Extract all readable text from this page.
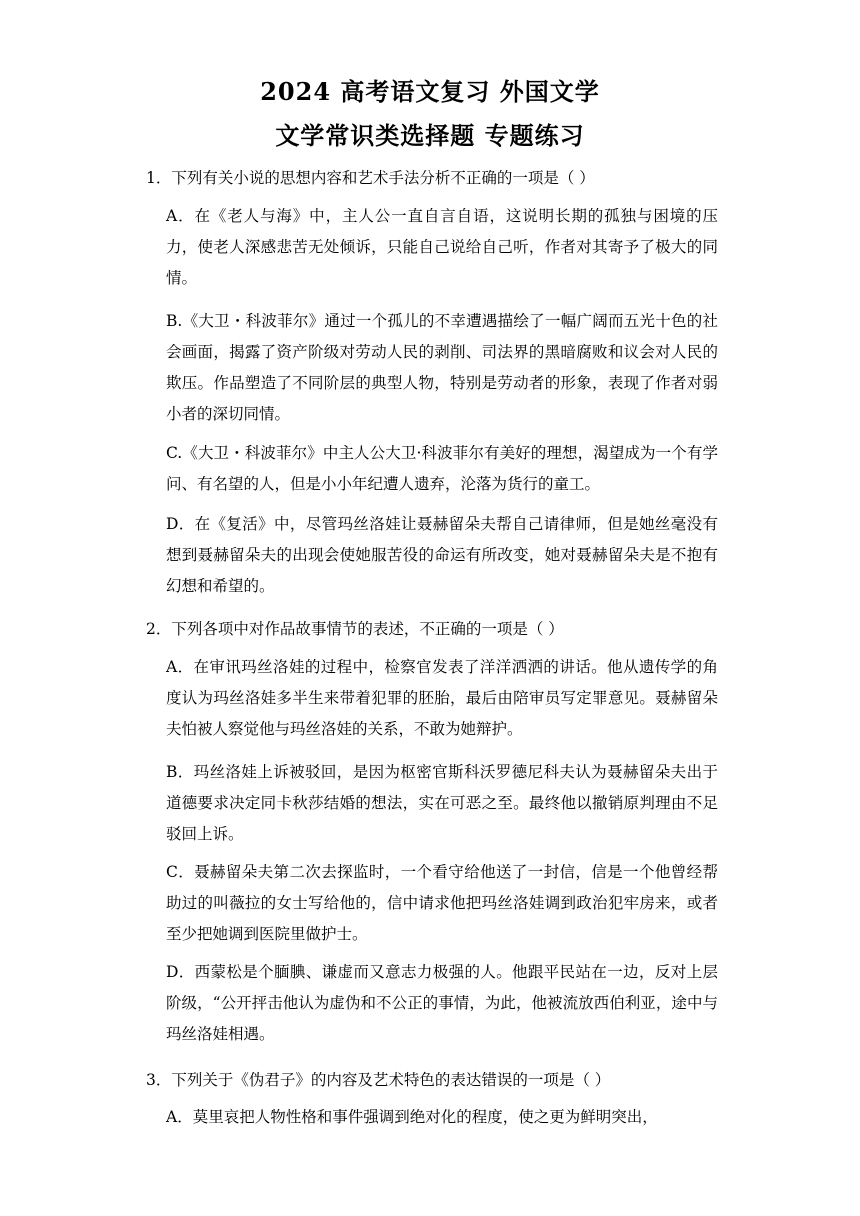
2024 高考语文复习 外国文学
文学常识类选择题 专题练习
1．下列有关小说的思想内容和艺术手法分析不正确的一项是（ ）

A．在《老人与海》中，主人公一直自言自语，这说明长期的孤独与困境的压力，使老人深感悲苦无处倾诉，只能自己说给自己听，作者对其寄予了极大的同情。

B.《大卫・科波菲尔》通过一个孤儿的不幸遭遇描绘了一幅广阔而五光十色的社会画面，揭露了资产阶级对劳动人民的剥削、司法界的黑暗腐败和议会对人民的欺压。作品塑造了不同阶层的典型人物，特别是劳动者的形象，表现了作者对弱小者的深切同情。

C.《大卫・科波菲尔》中主人公大卫·科波菲尔有美好的理想，渴望成为一个有学问、有名望的人，但是小小年纪遭人遗弃，沦落为货行的童工。

D．在《复活》中，尽管玛丝洛娃让聂赫留朵夫帮自己请律师，但是她丝毫没有想到聂赫留朵夫的出现会使她服苦役的命运有所改变，她对聂赫留朵夫是不抱有幻想和希望的。

2．下列各项中对作品故事情节的表述，不正确的一项是（ ）

A．在审讯玛丝洛娃的过程中，检察官发表了洋洋洒洒的讲话。他从遗传学的角度认为玛丝洛娃多半生来带着犯罪的胚胎，最后由陪审员写定罪意见。聂赫留朵夫怕被人察觉他与玛丝洛娃的关系，不敢为她辩护。

B．玛丝洛娃上诉被驳回，是因为枢密官斯科沃罗德尼科夫认为聂赫留朵夫出于道德要求决定同卡秋莎结婚的想法，实在可恶之至。最终他以撤销原判理由不足驳回上诉。

C．聂赫留朵夫第二次去探监时，一个看守给他送了一封信，信是一个他曾经帮助过的叫薇拉的女士写给他的，信中请求他把玛丝洛娃调到政治犯牢房来，或者至少把她调到医院里做护士。

D．西蒙松是个腼腆、谦虚而又意志力极强的人。他跟平民站在一边，反对上层阶级，“公开抨击他认为虚伪和不公正的事情，为此，他被流放西伯利亚，途中与玛丝洛娃相遇。

3．下列关于《伪君子》的内容及艺术特色的表达错误的一项是（ ）

A．莫里哀把人物性格和事件强调到绝对化的程度，使之更为鲜明突出，
